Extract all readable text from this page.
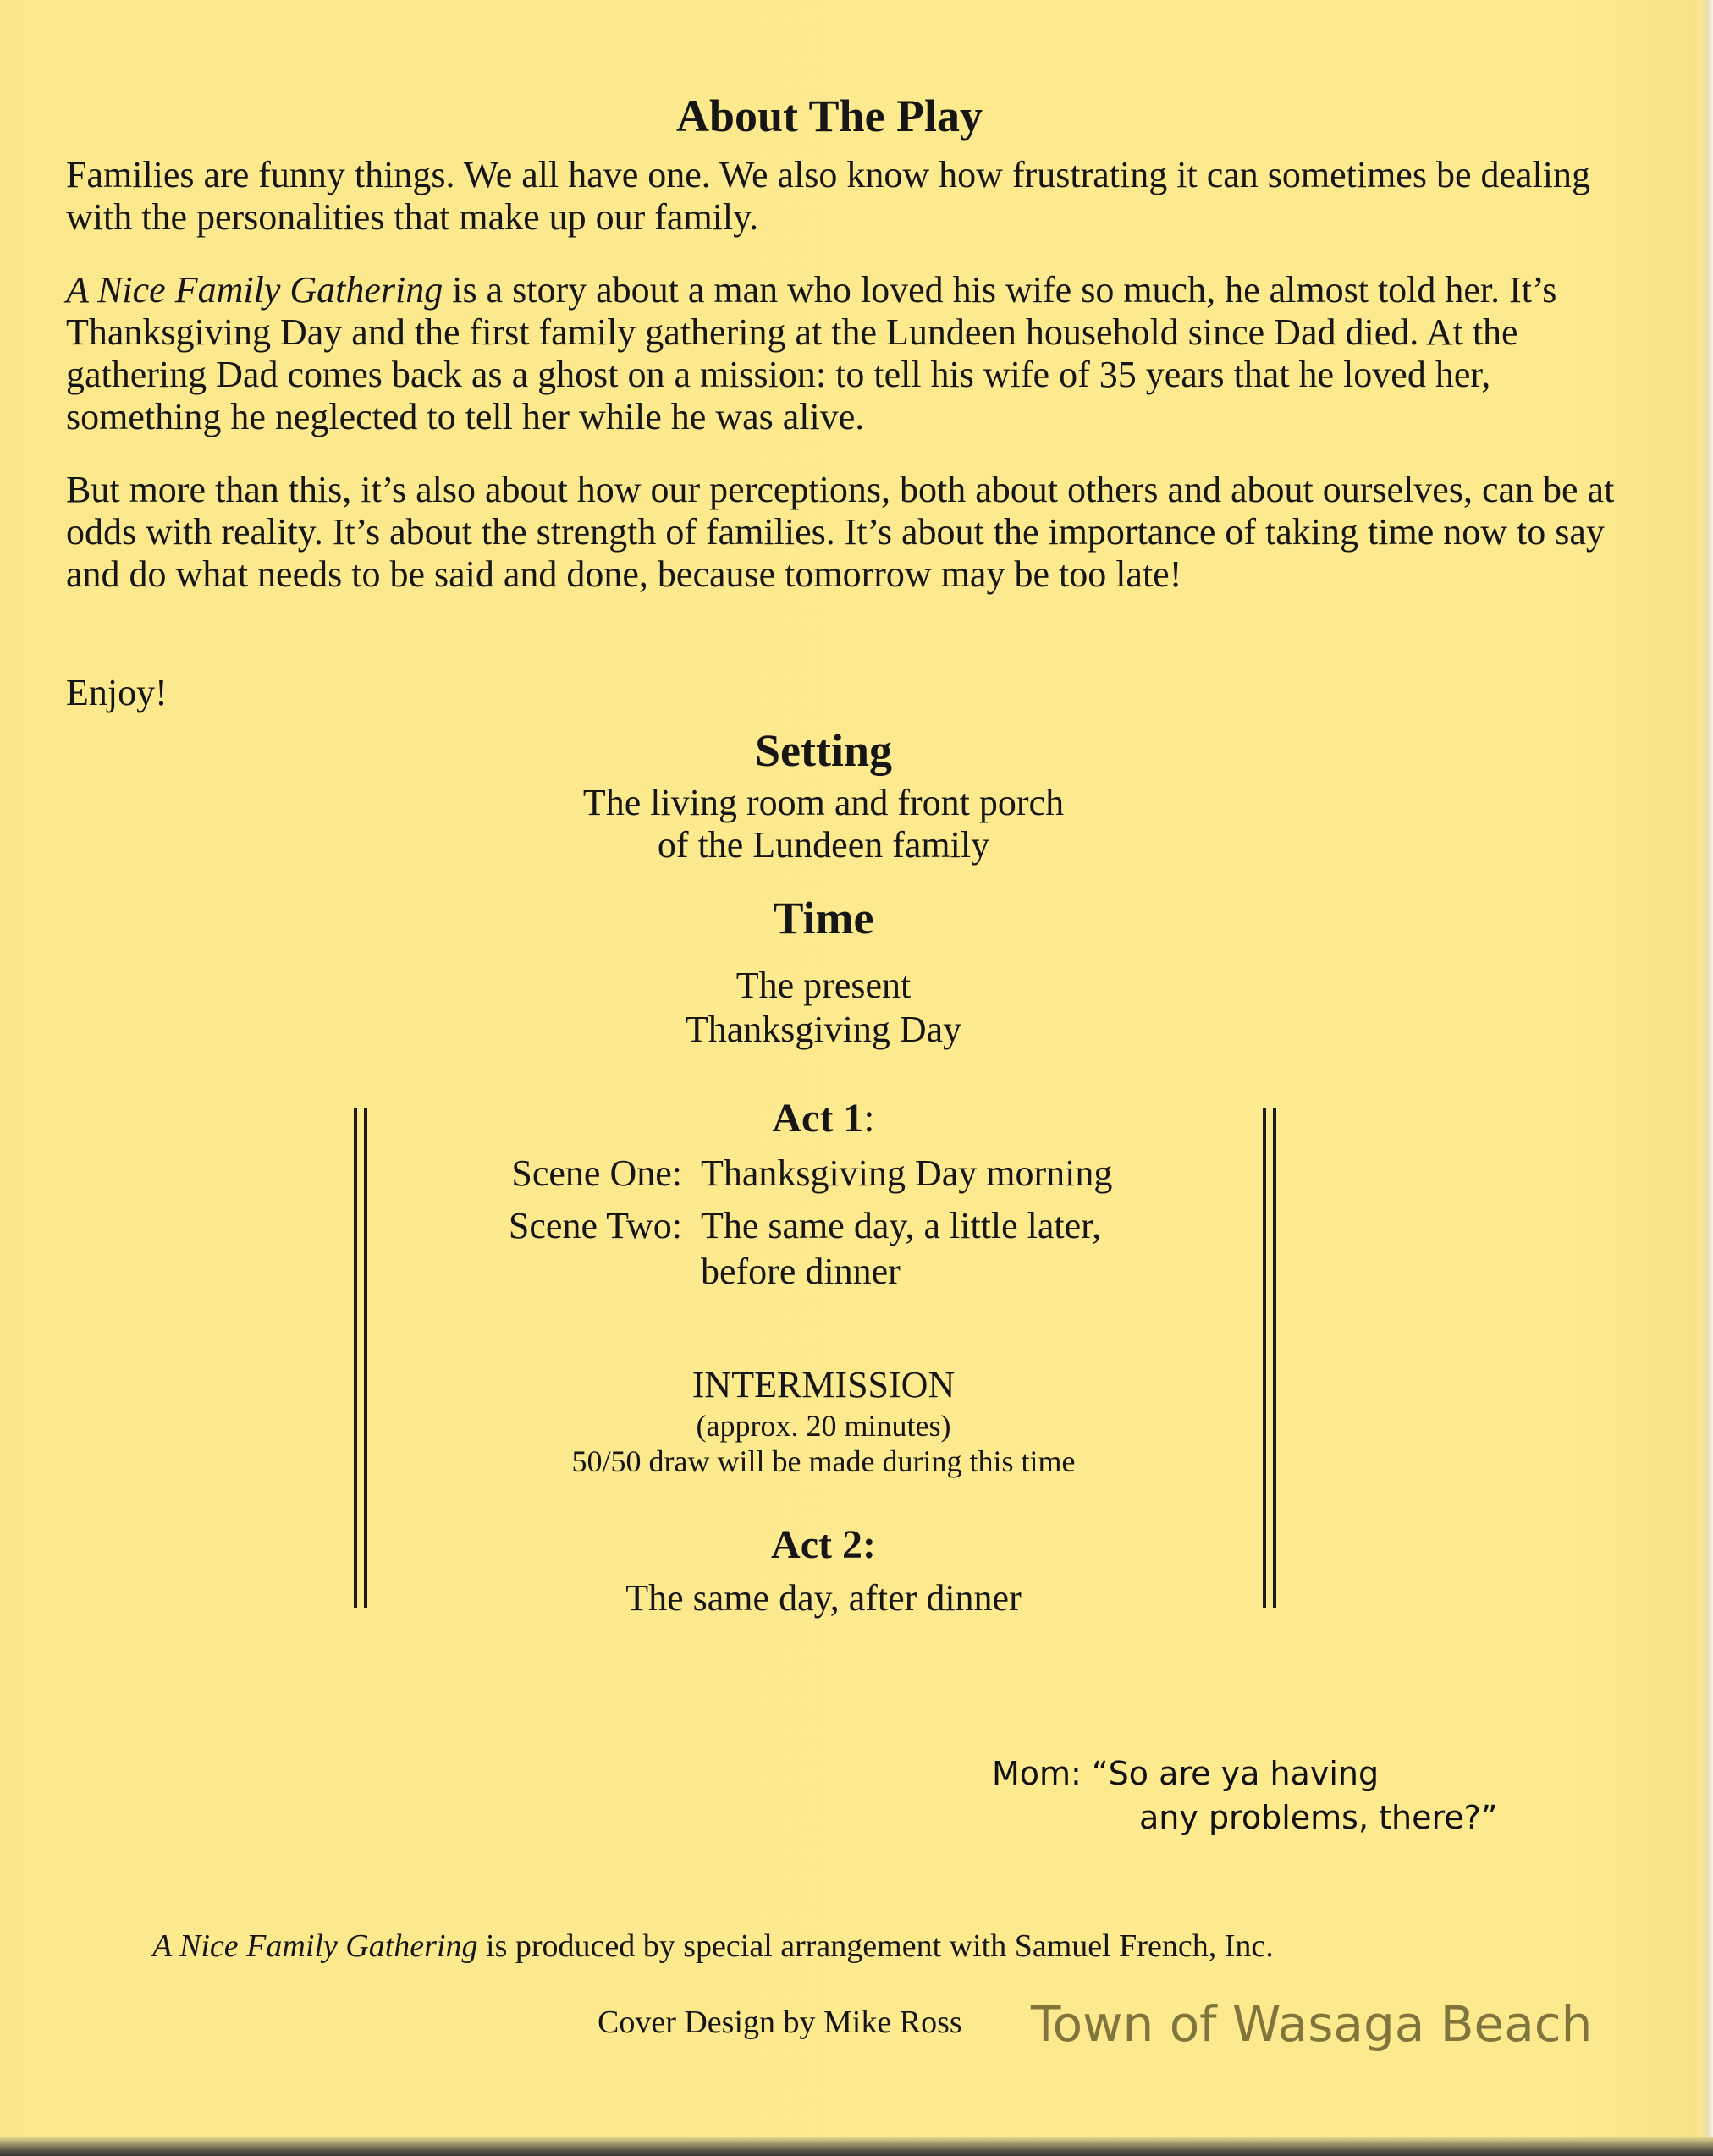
About The Play

Families are funny things. We all have one. We also know how frustrating it can sometimes be dealing with the personalities that make up our family.

A Nice Family Gathering is a story about a man who loved his wife so much, he almost told her. It’s Thanksgiving Day and the first family gathering at the Lundeen household since Dad died. At the gathering Dad comes back as a ghost on a mission: to tell his wife of 35 years that he loved her, something he neglected to tell her while he was alive.

But more than this, it’s also about how our perceptions, both about others and about ourselves, can be at odds with reality. It’s about the strength of families. It’s about the importance of taking time now to say and do what needs to be said and done, because tomorrow may be too late!

Enjoy!

Setting
The living room and front porch
of the Lundeen family
Time
The present
Thanksgiving Day
Act 1:
Scene One: Thanksgiving Day morning
Scene Two: The same day, a little later,
before dinner
INTERMISSION
(approx. 20 minutes)
50/50 draw will be made during this time
Act 2:
The same day, after dinner
Mom: “So are ya having
any problems, there?”
A Nice Family Gathering is produced by special arrangement with Samuel French, Inc.
Cover Design by Mike Ross Town of Wasaga Beach
